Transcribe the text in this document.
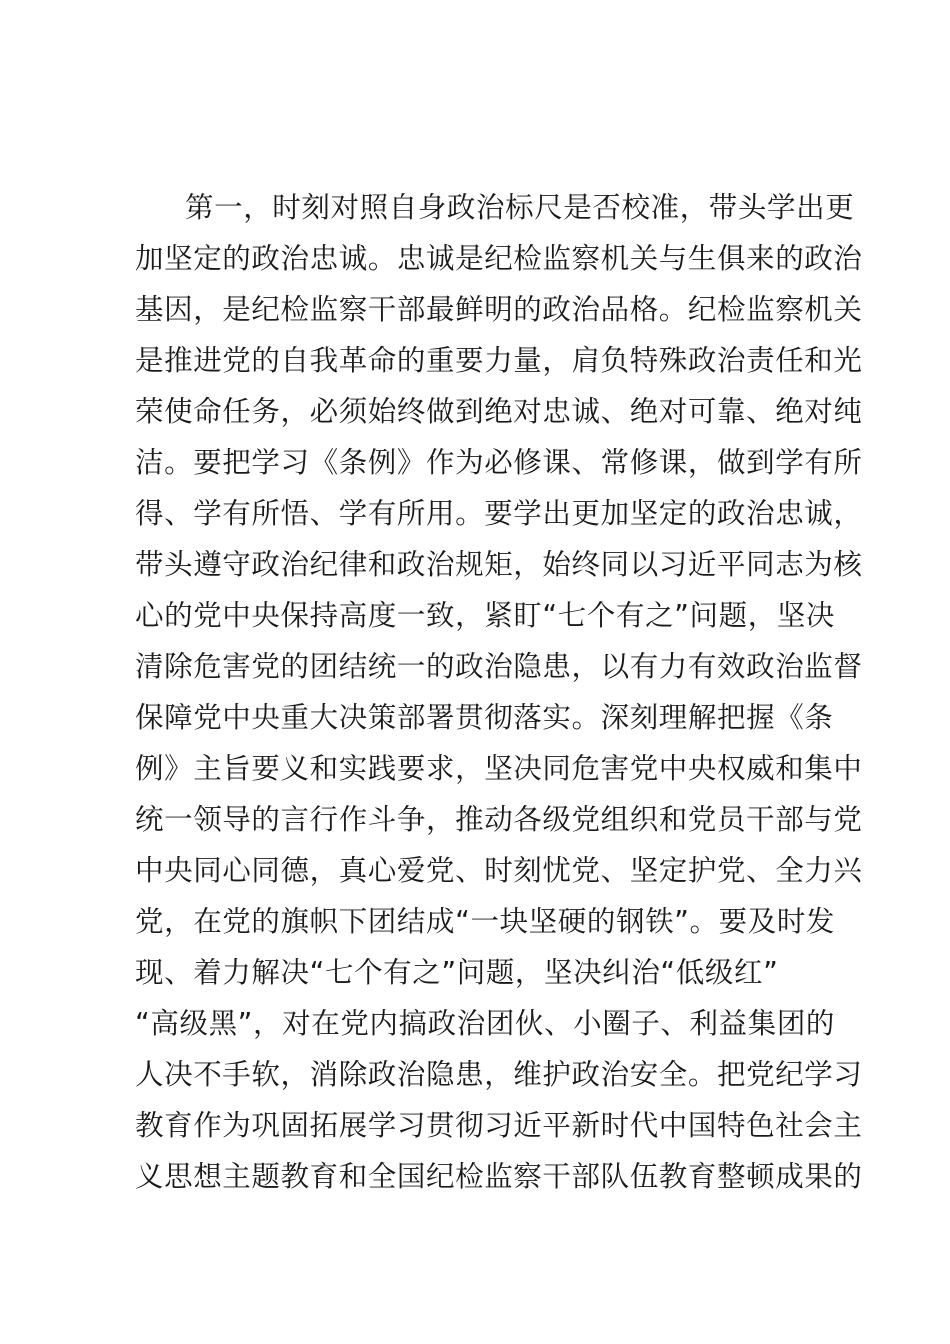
第一，时刻对照自身政治标尺是否校准，带头学出更
加坚定的政治忠诚。忠诚是纪检监察机关与生俱来的政治
基因，是纪检监察干部最鲜明的政治品格。纪检监察机关
是推进党的自我革命的重要力量，肩负特殊政治责任和光
荣使命任务，必须始终做到绝对忠诚、绝对可靠、绝对纯
洁。要把学习《条例》作为必修课、常修课，做到学有所
得、学有所悟、学有所用。要学出更加坚定的政治忠诚，
带头遵守政治纪律和政治规矩，始终同以习近平同志为核
心的党中央保持高度一致，紧盯“七个有之”问题，坚决
清除危害党的团结统一的政治隐患，以有力有效政治监督
保障党中央重大决策部署贯彻落实。深刻理解把握《条
例》主旨要义和实践要求，坚决同危害党中央权威和集中
统一领导的言行作斗争，推动各级党组织和党员干部与党
中央同心同德，真心爱党、时刻忧党、坚定护党、全力兴
党，在党的旗帜下团结成“一块坚硬的钢铁”。要及时发
现、着力解决“七个有之”问题，坚决纠治“低级红”
“高级黑”，对在党内搞政治团伙、小圈子、利益集团的
人决不手软，消除政治隐患，维护政治安全。把党纪学习
教育作为巩固拓展学习贯彻习近平新时代中国特色社会主
义思想主题教育和全国纪检监察干部队伍教育整顿成果的
